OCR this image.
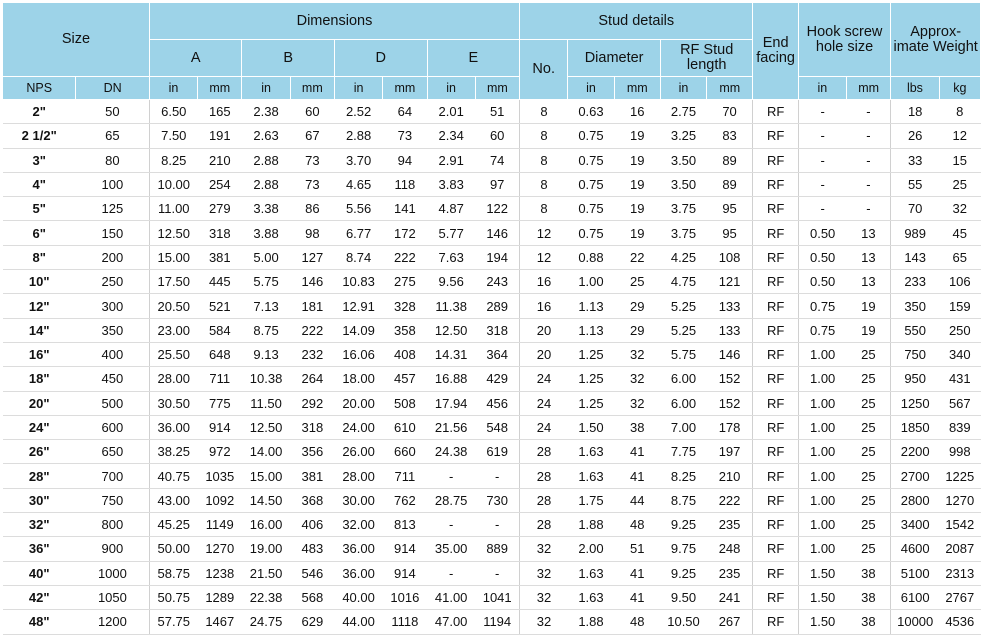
Size		Dimensions								Stud details					End facing	Hook screw hole size		Approx- imate Weight	
		A		B		D		E		No.	Diameter		RF Stud length						
NPS	DN	in	mm	in	mm	in	mm	in	mm		in	mm	in	mm		in	mm	lbs	kg
2"	50	6.50	165	2.38	60	2.52	64	2.01	51	8	0.63	16	2.75	70	RF	-	-	18	8
2 1/2"	65	7.50	191	2.63	67	2.88	73	2.34	60	8	0.75	19	3.25	83	RF	-	-	26	12
3"	80	8.25	210	2.88	73	3.70	94	2.91	74	8	0.75	19	3.50	89	RF	-	-	33	15
4"	100	10.00	254	2.88	73	4.65	118	3.83	97	8	0.75	19	3.50	89	RF	-	-	55	25
5"	125	11.00	279	3.38	86	5.56	141	4.87	122	8	0.75	19	3.75	95	RF	-	-	70	32
6"	150	12.50	318	3.88	98	6.77	172	5.77	146	12	0.75	19	3.75	95	RF	0.50	13	989	45
8"	200	15.00	381	5.00	127	8.74	222	7.63	194	12	0.88	22	4.25	108	RF	0.50	13	143	65
10"	250	17.50	445	5.75	146	10.83	275	9.56	243	16	1.00	25	4.75	121	RF	0.50	13	233	106
12"	300	20.50	521	7.13	181	12.91	328	11.38	289	16	1.13	29	5.25	133	RF	0.75	19	350	159
14"	350	23.00	584	8.75	222	14.09	358	12.50	318	20	1.13	29	5.25	133	RF	0.75	19	550	250
16"	400	25.50	648	9.13	232	16.06	408	14.31	364	20	1.25	32	5.75	146	RF	1.00	25	750	340
18"	450	28.00	711	10.38	264	18.00	457	16.88	429	24	1.25	32	6.00	152	RF	1.00	25	950	431
20"	500	30.50	775	11.50	292	20.00	508	17.94	456	24	1.25	32	6.00	152	RF	1.00	25	1250	567
24"	600	36.00	914	12.50	318	24.00	610	21.56	548	24	1.50	38	7.00	178	RF	1.00	25	1850	839
26"	650	38.25	972	14.00	356	26.00	660	24.38	619	28	1.63	41	7.75	197	RF	1.00	25	2200	998
28"	700	40.75	1035	15.00	381	28.00	711	-	-	28	1.63	41	8.25	210	RF	1.00	25	2700	1225
30"	750	43.00	1092	14.50	368	30.00	762	28.75	730	28	1.75	44	8.75	222	RF	1.00	25	2800	1270
32"	800	45.25	1149	16.00	406	32.00	813	-	-	28	1.88	48	9.25	235	RF	1.00	25	3400	1542
36"	900	50.00	1270	19.00	483	36.00	914	35.00	889	32	2.00	51	9.75	248	RF	1.00	25	4600	2087
40"	1000	58.75	1238	21.50	546	36.00	914	-	-	32	1.63	41	9.25	235	RF	1.50	38	5100	2313
42"	1050	50.75	1289	22.38	568	40.00	1016	41.00	1041	32	1.63	41	9.50	241	RF	1.50	38	6100	2767
48"	1200	57.75	1467	24.75	629	44.00	1118	47.00	1194	32	1.88	48	10.50	267	RF	1.50	38	10000	4536
